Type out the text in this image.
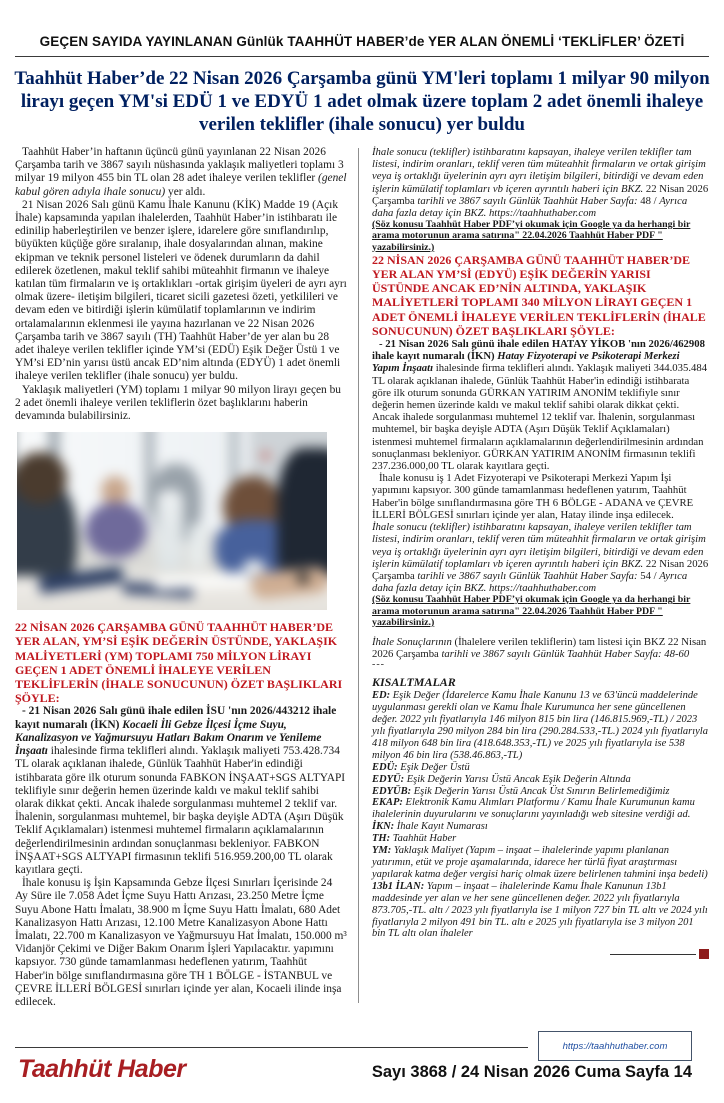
GEÇEN SAYIDA YAYINLANAN Günlük TAAHHÜT HABER’de YER ALAN ÖNEMLİ ‘TEKLİFLER’ ÖZETİ
Taahhüt Haber’de 22 Nisan 2026 Çarşamba günü YM'leri toplamı 1 milyar 90 milyon lirayı geçen YM'si EDÜ 1 ve EDYÜ 1 adet olmak üzere toplam 2 adet önemli ihaleye verilen teklifler (ihale sonucu) yer buldu

Taahhüt Haber’in haftanın üçüncü günü yayınlanan 22 Nisan 2026 Çarşamba tarih ve 3867 sayılı nüshasında yaklaşık maliyetleri toplamı 3 milyar 19 milyon 455 bin TL olan 28 adet ihaleye verilen teklifler (genel kabul gören adıyla ihale sonucu) yer aldı.

21 Nisan 2026 Salı günü Kamu İhale Kanunu (KİK) Madde 19 (Açık İhale) kapsamında yapılan ihalelerden, Taahhüt Haber’in istihbaratı ile edinilip haberleştirilen ve benzer işlere, idarelere göre sınıflandırılıp, büyükten küçüğe göre sıralanıp, ihale dosyalarından alınan, makine ekipman ve teknik personel listeleri ve ödenek durumların da dahil edilerek özetlenen, makul teklif sahibi müteahhit firmanın ve ihaleye katılan tüm firmaların ve iş ortaklıkları -ortak girişim üyeleri de ayrı ayrı olmak üzere- iletişim bilgileri, ticaret sicili gazetesi özeti, yetkilileri ve devam eden ve bitirdiği işlerin kümülatif toplamlarının ve indirim ortalamalarının eklenmesi ile yayına hazırlanan ve 22 Nisan 2026 Çarşamba tarih ve 3867 sayılı (TH) Taahhüt Haber’de yer alan bu 28 adet ihaleye verilen teklifler içinde YM’si (EDÜ) Eşik Değer Üstü 1 ve YM’si ED’nin yarısı üstü ancak ED’nim altında (EDYÜ) 1 adet önemli ihaleye verilen teklifler (ihale sonucu) yer buldu.

Yaklaşık maliyetleri (YM) toplamı 1 milyar 90 milyon lirayı geçen bu 2 adet önemli ihaleye verilen tekliflerin özet başlıklarını haberin devamında bulabilirsiniz.

22 NİSAN 2026 ÇARŞAMBA GÜNÜ TAAHHÜT HABER’DE YER ALAN, YM’Sİ EŞİK DEĞERİN ÜSTÜNDE, YAKLAŞIK MALİYETLERİ (YM) TOPLAMI 750 MİLYON LİRAYI GEÇEN 1 ADET ÖNEMLİ İHALEYE VERİLEN TEKLİFLERİN (İHALE SONUCUNUN) ÖZET BAŞLIKLARI ŞÖYLE:

- 21 Nisan 2026 Salı günü ihale edilen İSU 'nın 2026/443212 ihale kayıt numaralı (İKN) Kocaeli İli Gebze İlçesi İçme Suyu, Kanalizasyon ve Yağmursuyu Hatları Bakım Onarım ve Yenileme İnşaatı ihalesinde firma teklifleri alındı. Yaklaşık maliyeti 753.428.734 TL olarak açıklanan ihalede, Günlük Taahhüt Haber'in edindiği istihbarata göre ilk oturum sonunda FABKON İNŞAAT+SGS ALTYAPI teklifiyle sınır değerin hemen üzerinde kaldı ve makul teklif sahibi olarak dikkat çekti. Ancak ihalede sorgulanması muhtemel 2 teklif var. İhalenin, sorgulanması muhtemel, bir başka deyişle ADTA (Aşırı Düşük Teklif Açıklamaları) istenmesi muhtemel firmaların açıklamalarının değerlendirilmesinin ardından sonuçlanması bekleniyor. FABKON İNŞAAT+SGS ALTYAPI firmasının teklifi 516.959.200,00 TL olarak kayıtlara geçti.

İhale konusu iş İşin Kapsamında Gebze İlçesi Sınırları İçerisinde 24 Ay Süre ile 7.058 Adet İçme Suyu Hattı Arızası, 23.250 Metre İçme Suyu Abone Hattı İmalatı, 38.900 m İçme Suyu Hattı İmalatı, 680 Adet Kanalizasyon Hattı Arızası, 12.100 Metre Kanalizasyon Abone Hattı İmalatı, 22.700 m Kanalizasyon ve Yağmursuyu Hat İmalatı, 150.000 m³ Vidanjör Çekimi ve Diğer Bakım Onarım İşleri Yapılacaktır. yapımını kapsıyor. 730 günde tamamlanması hedeflenen yatırım, Taahhüt Haber'in bölge sınıflandırmasına göre TH 1 BÖLGE - İSTANBUL ve ÇEVRE İLLERİ BÖLGESİ sınırları içinde yer alan, Kocaeli ilinde inşa edilecek.

İhale sonucu (teklifler) istihbaratını kapsayan, ihaleye verilen teklifler tam listesi, indirim oranları, teklif veren tüm müteahhit firmaların ve ortak girişim veya iş ortaklığı üyelerinin ayrı ayrı iletişim bilgileri, bitirdiği ve devam eden işlerin kümülatif toplamları vb içeren ayrıntılı haberi için BKZ. 22 Nisan 2026 Çarşamba tarihli ve 3867 sayılı Günlük Taahhüt Haber Sayfa: 48 / Ayrıca daha fazla detay için BKZ. https://taahhuthaber.com

(Söz konusu Taahhüt Haber PDF’yi okumak için Google ya da herhangi bir arama motorunun arama satırına" 22.04.2026 Taahhüt Haber PDF " yazabilirsiniz.)

22 NİSAN 2026 ÇARŞAMBA GÜNÜ TAAHHÜT HABER’DE YER ALAN YM’Sİ (EDYÜ) EŞİK DEĞERİN YARISI ÜSTÜNDE ANCAK ED’NİN ALTINDA, YAKLAŞIK MALİYETLERİ TOPLAMI 340 MİLYON LİRAYI GEÇEN 1 ADET ÖNEMLİ İHALEYE VERİLEN TEKLİFLERİN (İHALE SONUCUNUN) ÖZET BAŞLIKLARI ŞÖYLE:

- 21 Nisan 2026 Salı günü ihale edilen HATAY YİKOB 'nın 2026/462908 ihale kayıt numaralı (İKN) Hatay Fizyoterapi ve Psikoterapi Merkezi Yapım İnşaatı ihalesinde firma teklifleri alındı. Yaklaşık maliyeti 344.035.484 TL olarak açıklanan ihalede, Günlük Taahhüt Haber'in edindiği istihbarata göre ilk oturum sonunda GÜRKAN YATIRIM ANONİM teklifiyle sınır değerin hemen üzerinde kaldı ve makul teklif sahibi olarak dikkat çekti. Ancak ihalede sorgulanması muhtemel 12 teklif var. İhalenin, sorgulanması muhtemel, bir başka deyişle ADTA (Aşırı Düşük Teklif Açıklamaları) istenmesi muhtemel firmaların açıklamalarının değerlendirilmesinin ardından sonuçlanması bekleniyor. GÜRKAN YATIRIM ANONİM firmasının teklifi 237.236.000,00 TL olarak kayıtlara geçti.

İhale konusu iş 1 Adet Fizyoterapi ve Psikoterapi Merkezi Yapım İşi yapımını kapsıyor. 300 günde tamamlanması hedeflenen yatırım, Taahhüt Haber'in bölge sınıflandırmasına göre TH 6 BÖLGE - ADANA ve ÇEVRE İLLERİ BÖLGESİ sınırları içinde yer alan, Hatay ilinde inşa edilecek.

İhale sonucu (teklifler) istihbaratını kapsayan, ihaleye verilen teklifler tam listesi, indirim oranları, teklif veren tüm müteahhit firmaların ve ortak girişim veya iş ortaklığı üyelerinin ayrı ayrı iletişim bilgileri, bitirdiği ve devam eden işlerin kümülatif toplamları vb içeren ayrıntılı haberi için BKZ. 22 Nisan 2026 Çarşamba tarihli ve 3867 sayılı Günlük Taahhüt Haber Sayfa: 54 / Ayrıca daha fazla detay için BKZ. https://taahhuthaber.com

(Söz konusu Taahhüt Haber PDF’yi okumak için Google ya da herhangi bir arama motorunun arama satırına" 22.04.2026 Taahhüt Haber PDF " yazabilirsiniz.)

İhale Sonuçlarının (İhalelere verilen tekliflerin) tam listesi için BKZ 22 Nisan 2026 Çarşamba tarihli ve 3867 sayılı Günlük Taahhüt Haber Sayfa: 48-60

---

KISALTMALAR

ED: Eşik Değer (İdarelerce Kamu İhale Kanunu 13 ve 63'üncü maddelerinde uygulanması gerekli olan ve Kamu İhale Kurumunca her sene güncellenen değer. 2022 yılı fiyatlarıyla 146 milyon 815 bin lira (146.815.969,-TL) / 2023 yılı fiyatlarıyla 290 milyon 284 bin lira (290.284.533,-TL.) 2024 yılı fiyatlarıyla 418 milyon 648 bin lira (418.648.353,-TL) ve 2025 yılı fiyatlarıyla ise 538 milyon 46 bin lira (538.46.863,-TL)

EDÜ: Eşik Değer Üstü

EDYÜ: Eşik Değerin Yarısı Üstü Ancak Eşik Değerin Altında

EDYÜB: Eşik Değerin Yarısı Üstü Ancak Üst Sınırın Belirlemediğimiz

EKAP: Elektronik Kamu Alımları Platformu / Kamu İhale Kurumunun kamu ihalelerinin duyurularını ve sonuçlarını yayınladığı web sitesine verdiği ad.

İKN: İhale Kayıt Numarası

TH: Taahhüt Haber

YM: Yaklaşık Maliyet (Yapım – inşaat – ihalelerinde yapımı planlanan yatırımın, etüt ve proje aşamalarında, idarece her türlü fiyat araştırması yapılarak katma değer vergisi hariç olmak üzere belirlenen tahmini inşa bedeli)

13b1 İLAN: Yapım – inşaat – ihalelerinde Kamu İhale Kanunun 13b1 maddesinde yer alan ve her sene güncellenen değer. 2022 yılı fiyatlarıyla 873.705,-TL. altı / 2023 yılı fiyatlarıyla ise 1 milyon 727 bin TL altı ve 2024 yılı fiyatlarıyla 2 milyon 491 bin TL. altı e 2025 yılı fiyatlarıyla ise 3 milyon 201 bin TL altı olan ihaleler

https://taahhuthaber.com
Taahhüt Haber	Sayı 3868 / 24 Nisan 2026 Cuma Sayfa 14
